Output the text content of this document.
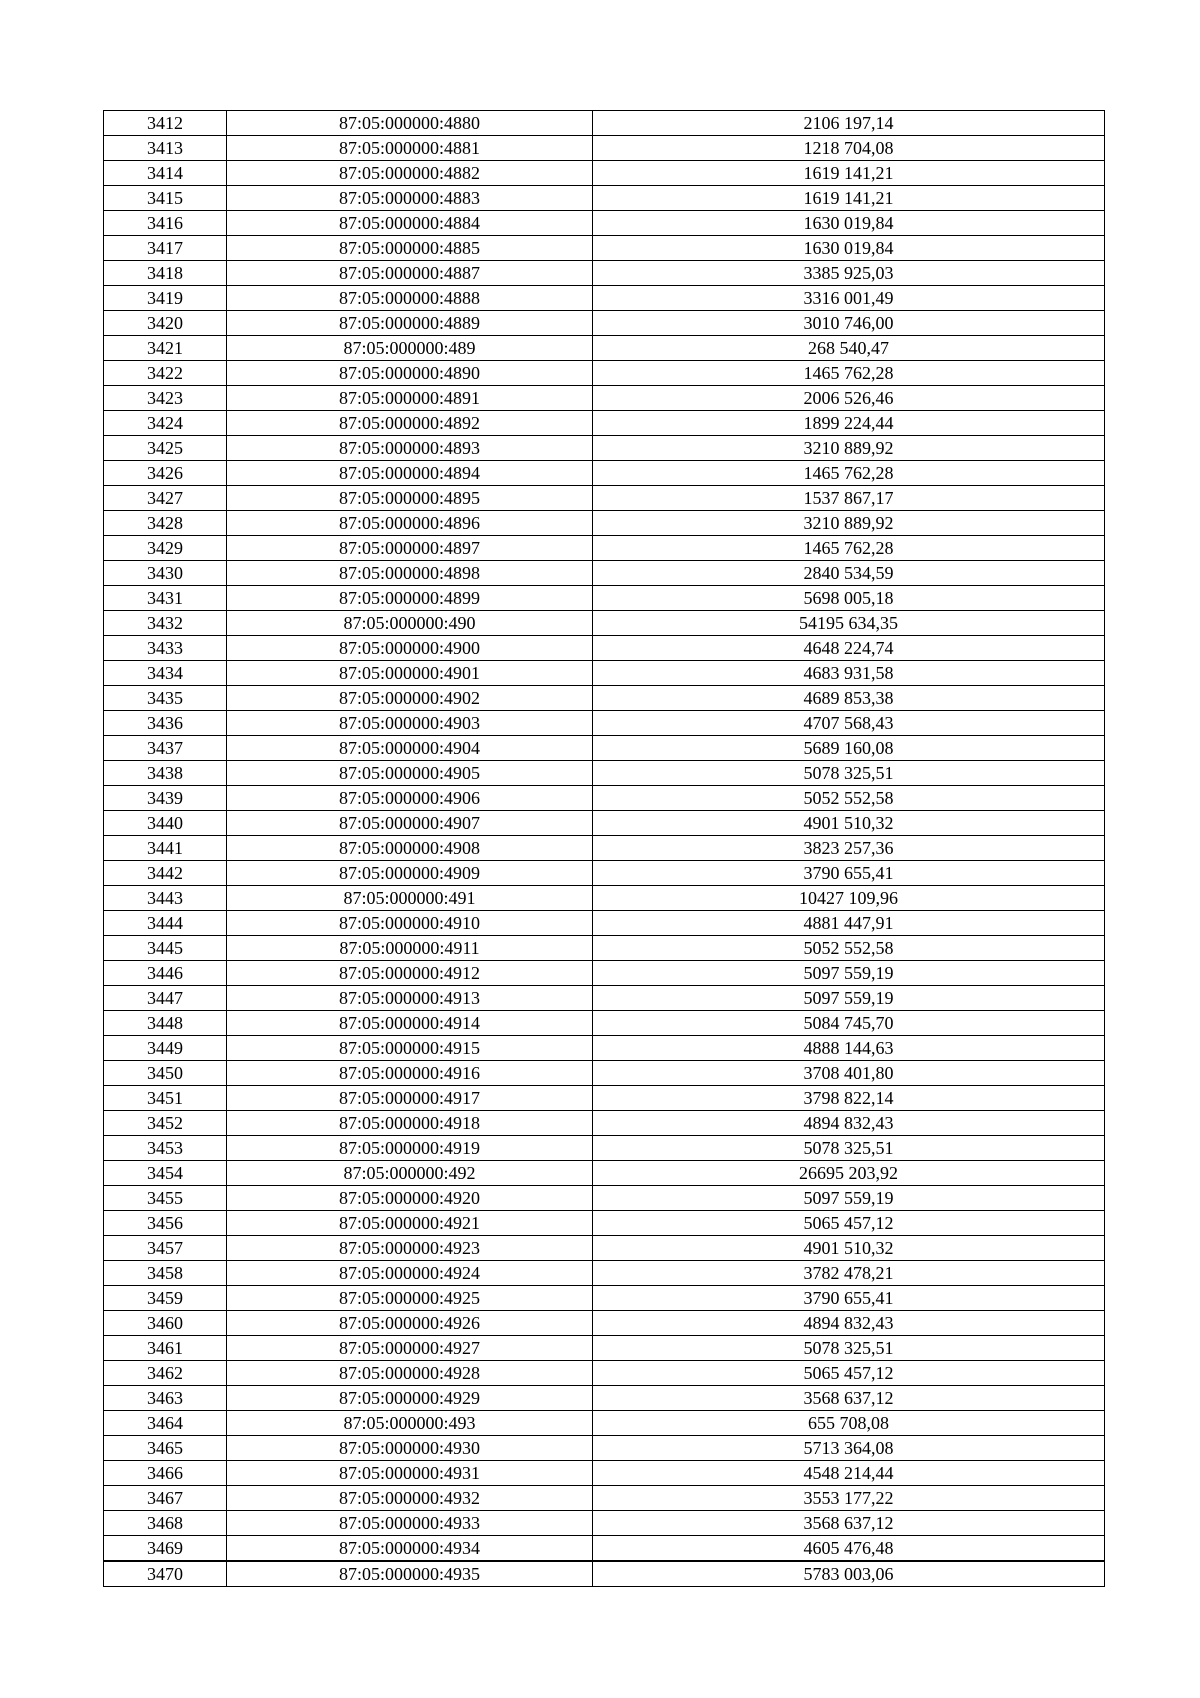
3412	87:05:000000:4880	2106 197,14
3413	87:05:000000:4881	1218 704,08
3414	87:05:000000:4882	1619 141,21
3415	87:05:000000:4883	1619 141,21
3416	87:05:000000:4884	1630 019,84
3417	87:05:000000:4885	1630 019,84
3418	87:05:000000:4887	3385 925,03
3419	87:05:000000:4888	3316 001,49
3420	87:05:000000:4889	3010 746,00
3421	87:05:000000:489	268 540,47
3422	87:05:000000:4890	1465 762,28
3423	87:05:000000:4891	2006 526,46
3424	87:05:000000:4892	1899 224,44
3425	87:05:000000:4893	3210 889,92
3426	87:05:000000:4894	1465 762,28
3427	87:05:000000:4895	1537 867,17
3428	87:05:000000:4896	3210 889,92
3429	87:05:000000:4897	1465 762,28
3430	87:05:000000:4898	2840 534,59
3431	87:05:000000:4899	5698 005,18
3432	87:05:000000:490	54195 634,35
3433	87:05:000000:4900	4648 224,74
3434	87:05:000000:4901	4683 931,58
3435	87:05:000000:4902	4689 853,38
3436	87:05:000000:4903	4707 568,43
3437	87:05:000000:4904	5689 160,08
3438	87:05:000000:4905	5078 325,51
3439	87:05:000000:4906	5052 552,58
3440	87:05:000000:4907	4901 510,32
3441	87:05:000000:4908	3823 257,36
3442	87:05:000000:4909	3790 655,41
3443	87:05:000000:491	10427 109,96
3444	87:05:000000:4910	4881 447,91
3445	87:05:000000:4911	5052 552,58
3446	87:05:000000:4912	5097 559,19
3447	87:05:000000:4913	5097 559,19
3448	87:05:000000:4914	5084 745,70
3449	87:05:000000:4915	4888 144,63
3450	87:05:000000:4916	3708 401,80
3451	87:05:000000:4917	3798 822,14
3452	87:05:000000:4918	4894 832,43
3453	87:05:000000:4919	5078 325,51
3454	87:05:000000:492	26695 203,92
3455	87:05:000000:4920	5097 559,19
3456	87:05:000000:4921	5065 457,12
3457	87:05:000000:4923	4901 510,32
3458	87:05:000000:4924	3782 478,21
3459	87:05:000000:4925	3790 655,41
3460	87:05:000000:4926	4894 832,43
3461	87:05:000000:4927	5078 325,51
3462	87:05:000000:4928	5065 457,12
3463	87:05:000000:4929	3568 637,12
3464	87:05:000000:493	655 708,08
3465	87:05:000000:4930	5713 364,08
3466	87:05:000000:4931	4548 214,44
3467	87:05:000000:4932	3553 177,22
3468	87:05:000000:4933	3568 637,12
3469	87:05:000000:4934	4605 476,48
3470	87:05:000000:4935	5783 003,06
